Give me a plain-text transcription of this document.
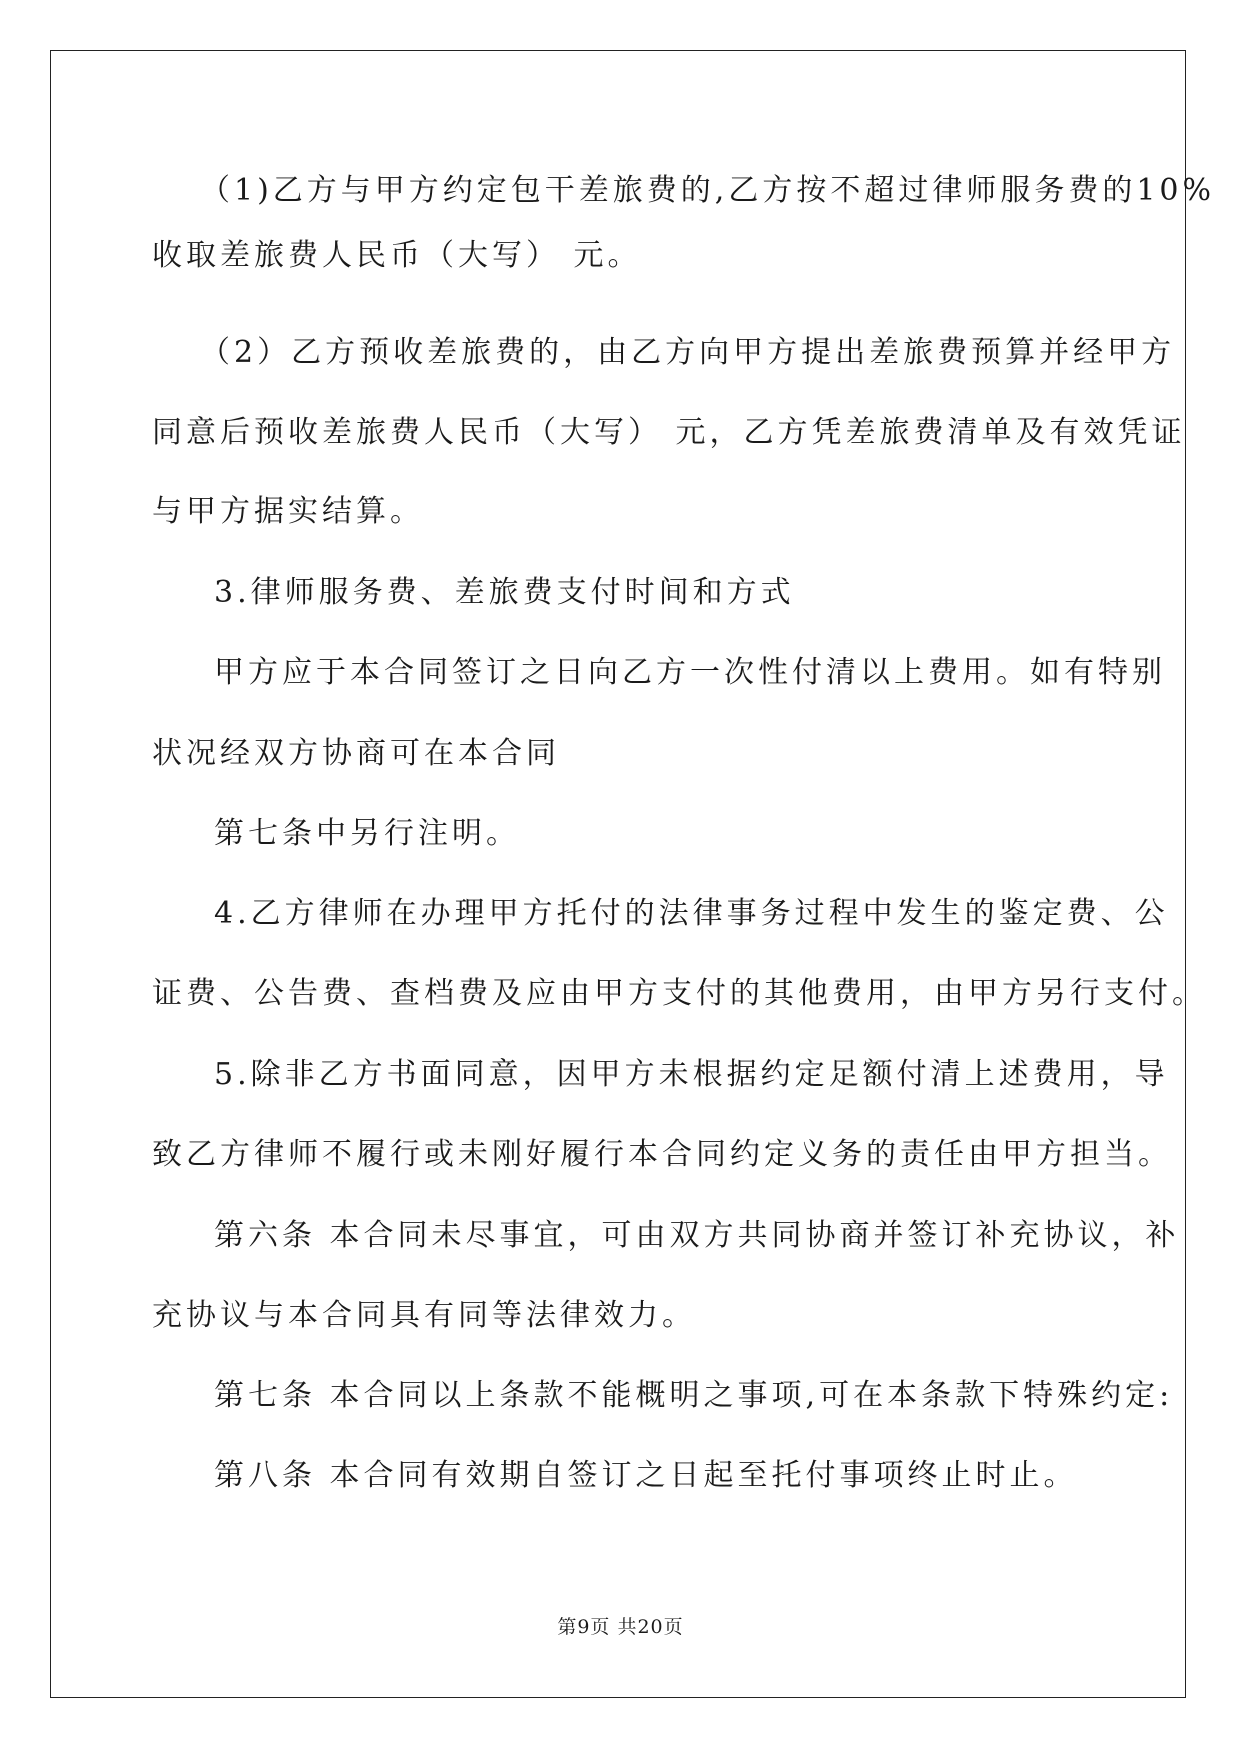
（1)乙方与甲方约定包干差旅费的,乙方按不超过律师服务费的10%
收取差旅费人民币（大写） 元。
（2）乙方预收差旅费的，由乙方向甲方提出差旅费预算并经甲方
同意后预收差旅费人民币（大写） 元，乙方凭差旅费清单及有效凭证
与甲方据实结算。
3.律师服务费、差旅费支付时间和方式
甲方应于本合同签订之日向乙方一次性付清以上费用。如有特别
状况经双方协商可在本合同
第七条中另行注明。
4.乙方律师在办理甲方托付的法律事务过程中发生的鉴定费、公
证费、公告费、查档费及应由甲方支付的其他费用，由甲方另行支付。
5.除非乙方书面同意，因甲方未根据约定足额付清上述费用，导
致乙方律师不履行或未刚好履行本合同约定义务的责任由甲方担当。
第六条 本合同未尽事宜，可由双方共同协商并签订补充协议，补
充协议与本合同具有同等法律效力。
第七条 本合同以上条款不能概明之事项,可在本条款下特殊约定:
第八条 本合同有效期自签订之日起至托付事项终止时止。
第9页 共20页
